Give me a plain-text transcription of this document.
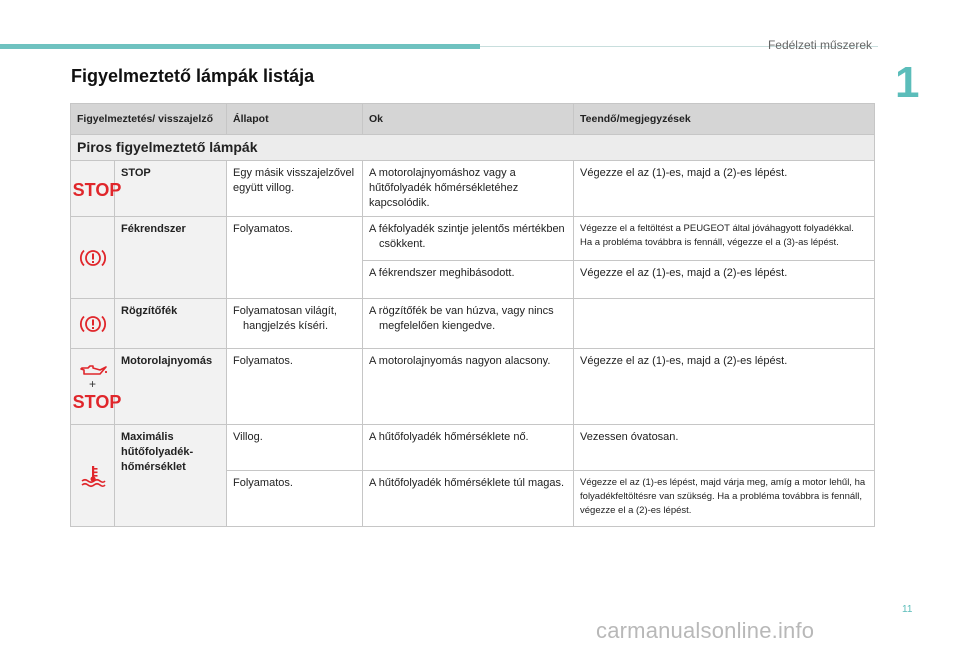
Fedélzeti műszerek
1
Figyelmeztető lámpák listája
Figyelmeztetés/ visszajelző		Állapot	Ok	Teendő/megjegyzések
Piros figyelmeztető lámpák				

STOP	STOP	Egy másik visszajelzővel együtt villog.	A motorolajnyomáshoz vagy a hűtőfolyadék hőmérsékletéhez kapcsolódik.	Végezze el az (1)-es, majd a (2)-es lépést.

	Fékrendszer	Folyamatos.	A fékfolyadék szintje jelentős mértékben csökkent.	Végezze el a feltöltést a PEUGEOT által jóváhagyott folyadékkal. Ha a probléma továbbra is fennáll, végezze el a (3)-as lépést.
			A fékrendszer meghibásodott.	Végezze el az (1)-es, majd a (2)-es lépést.

	Rögzítőfék	Folyamatosan világít, hangjelzés kíséri.	A rögzítőfék be van húzva, vagy nincs megfelelően kiengedve.	

+
STOP	Motorolajnyomás	Folyamatos.	A motorolajnyomás nagyon alacsony.	Végezze el az (1)-es, majd a (2)-es lépést.

	Maximális hűtőfolyadék-hőmérséklet	Villog.	A hűtőfolyadék hőmérséklete nő.	Vezessen óvatosan.
		Folyamatos.	A hűtőfolyadék hőmérséklete túl magas.	Végezze el az (1)-es lépést, majd várja meg, amíg a motor lehűl, ha folyadékfeltöltésre van szükség. Ha a probléma továbbra is fennáll, végezze el a (2)-es lépést.
11
carmanualsonline.info
